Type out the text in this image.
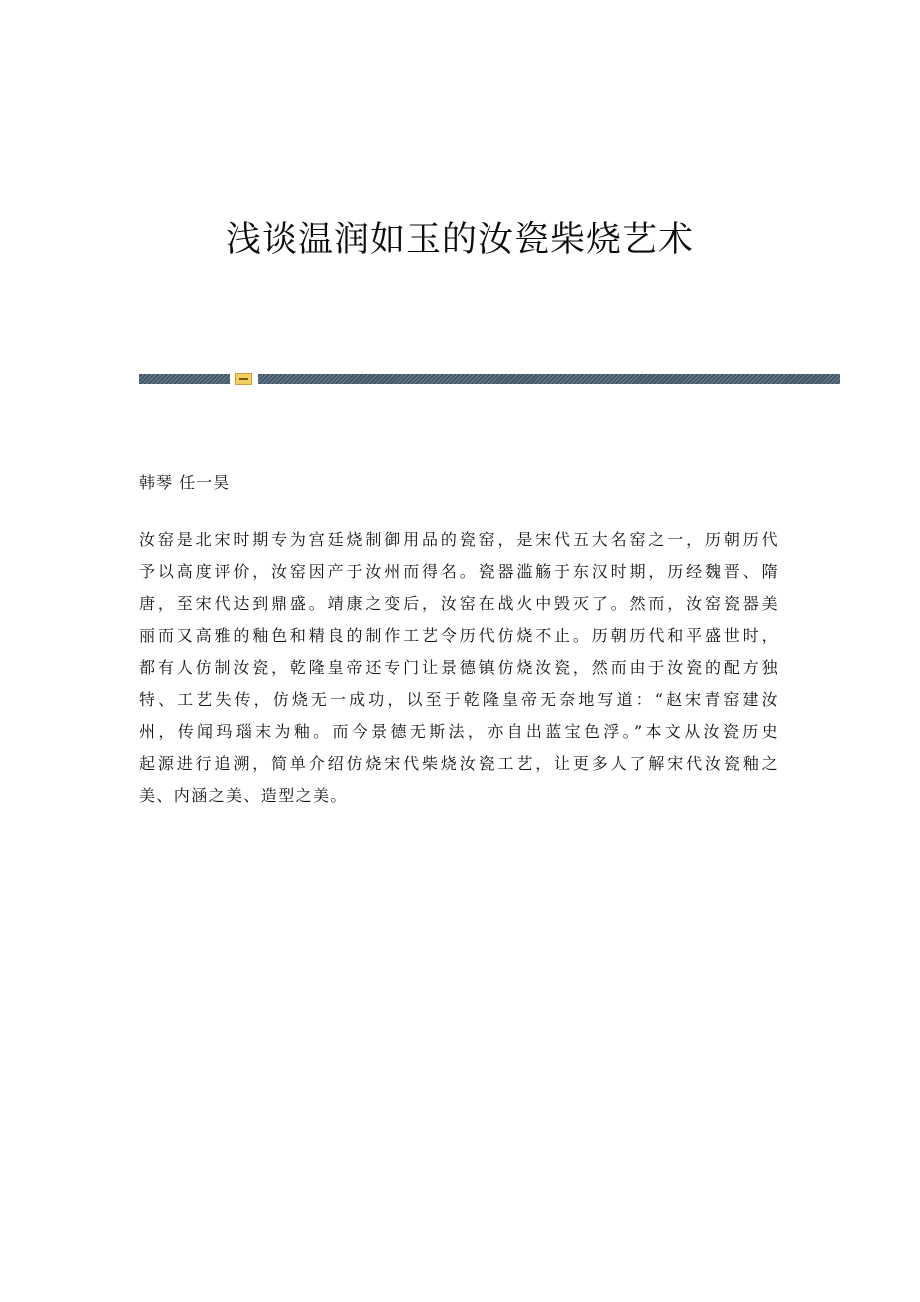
浅谈温润如玉的汝瓷柴烧艺术
韩琴 任一昊
汝窑是北宋时期专为宫廷烧制御用品的瓷窑，是宋代五大名窑之一，历朝历代
予以高度评价，汝窑因产于汝州而得名。瓷器滥觞于东汉时期，历经魏晋、隋
唐，至宋代达到鼎盛。靖康之变后，汝窑在战火中毁灭了。然而，汝窑瓷器美
丽而又高雅的釉色和精良的制作工艺令历代仿烧不止。历朝历代和平盛世时，
都有人仿制汝瓷，乾隆皇帝还专门让景德镇仿烧汝瓷，然而由于汝瓷的配方独
特、工艺失传，仿烧无一成功，以至于乾隆皇帝无奈地写道：“赵宋青窑建汝
州，传闻玛瑙末为釉。而今景德无斯法，亦自出蓝宝色浮。”本文从汝瓷历史
起源进行追溯，简单介绍仿烧宋代柴烧汝瓷工艺，让更多人了解宋代汝瓷釉之
美、内涵之美、造型之美。
